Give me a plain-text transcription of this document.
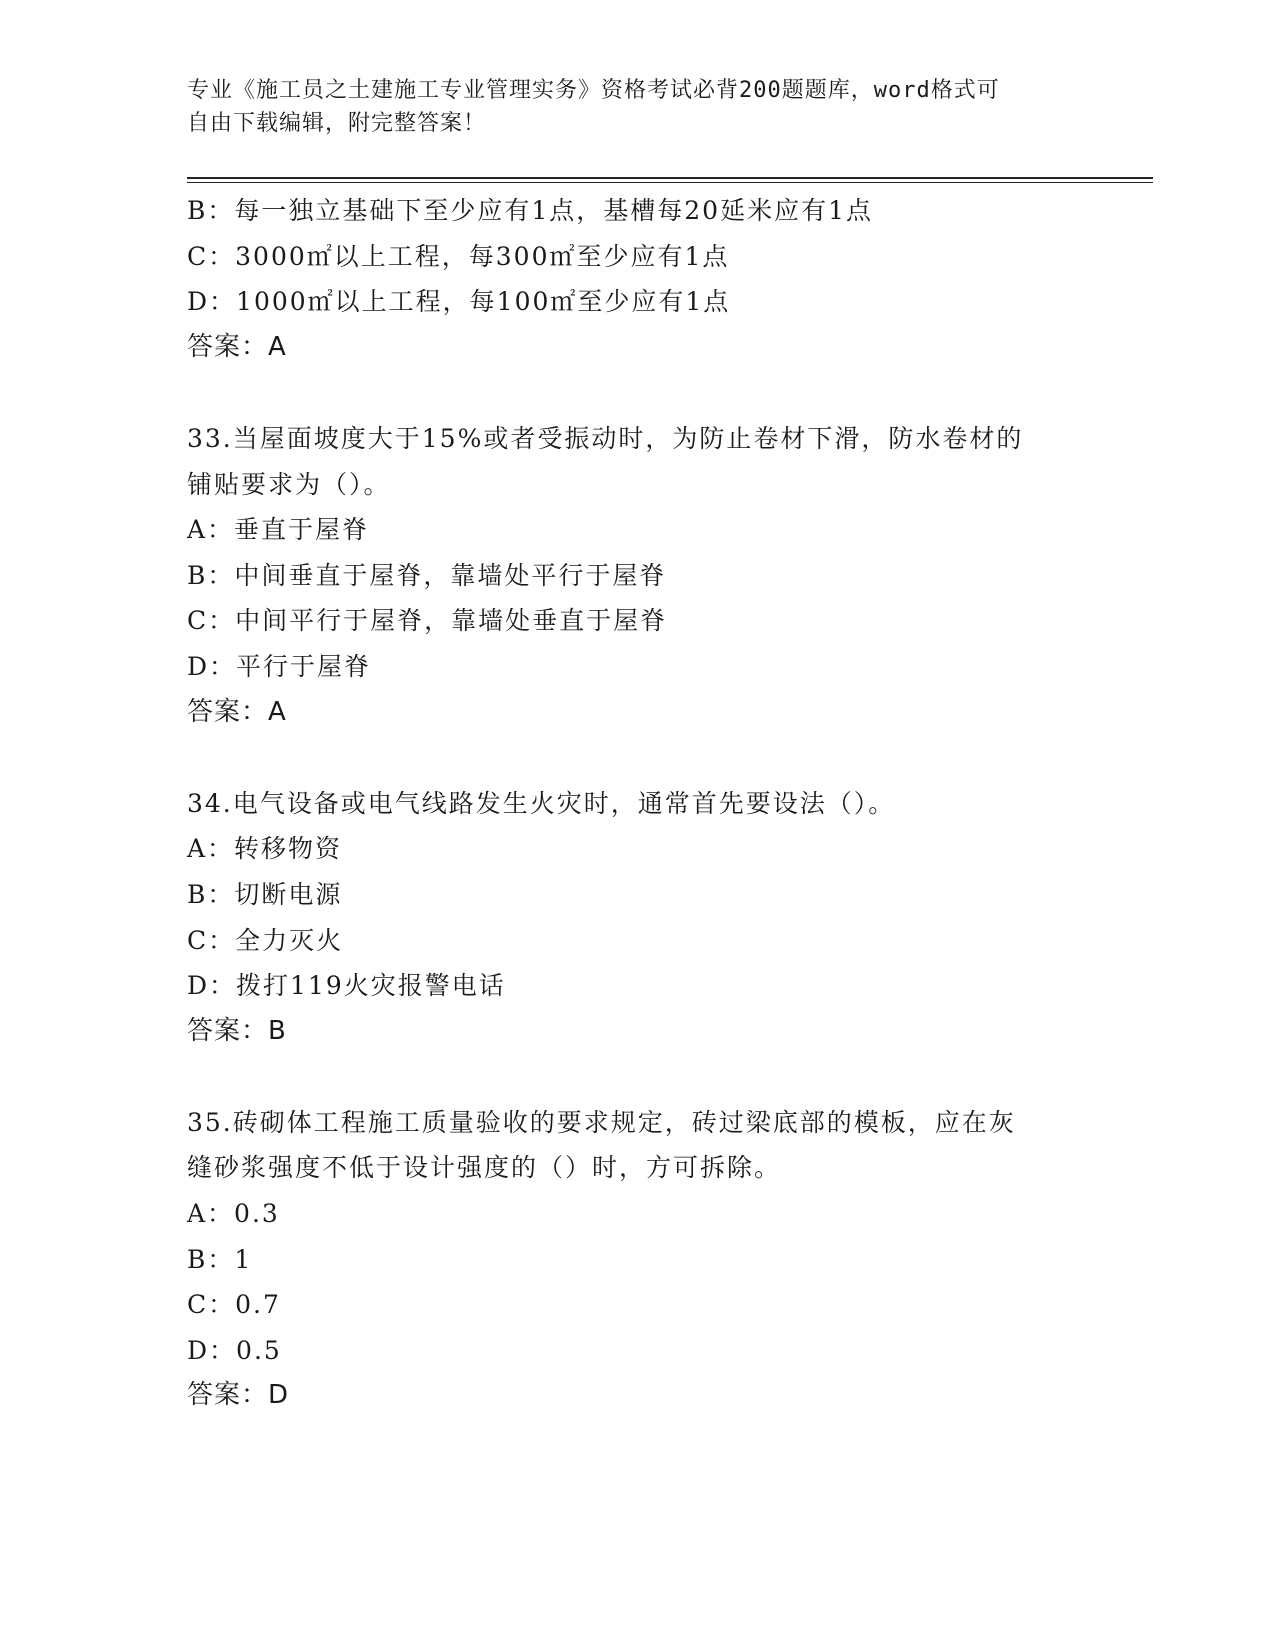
专业《施工员之土建施工专业管理实务》资格考试必背200题题库，word格式可
自由下载编辑，附完整答案！
B：每一独立基础下至少应有1点，基槽每20延米应有1点
C：3000㎡以上工程，每300㎡至少应有1点
D：1000㎡以上工程，每100㎡至少应有1点
答案：A
33.当屋面坡度大于15%或者受振动时，为防止卷材下滑，防水卷材的
铺贴要求为（）。
A：垂直于屋脊
B：中间垂直于屋脊，靠墙处平行于屋脊
C：中间平行于屋脊，靠墙处垂直于屋脊
D：平行于屋脊
答案：A
34.电气设备或电气线路发生火灾时，通常首先要设法（）。
A：转移物资
B：切断电源
C：全力灭火
D：拨打119火灾报警电话
答案：B
35.砖砌体工程施工质量验收的要求规定，砖过梁底部的模板，应在灰
缝砂浆强度不低于设计强度的（）时，方可拆除。
A：0.3
B：1
C：0.7
D：0.5
答案：D
